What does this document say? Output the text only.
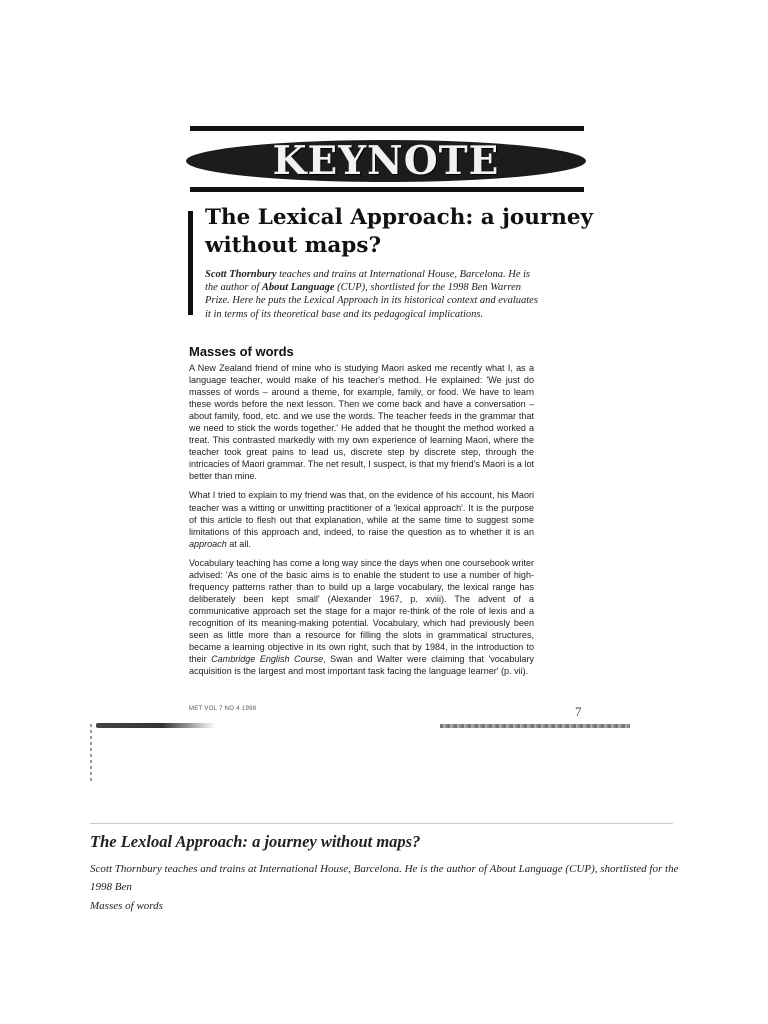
KEYNOTE
The Lexical Approach: a journey without maps?

Scott Thornbury teaches and trains at International House, Barcelona. He is the author of About Language (CUP), shortlisted for the 1998 Ben Warren Prize. Here he puts the Lexical Approach in its historical context and evaluates it in terms of its theoretical base and its pedagogical implications.

Masses of words

A New Zealand friend of mine who is studying Maori asked me recently what I, as a language teacher, would make of his teacher's method. He explained: 'We just do masses of words – around a theme, for example, family, or food. We have to learn these words before the next lesson. Then we come back and have a conversation – about family, food, etc. and we use the words. The teacher feeds in the grammar that we need to stick the words together.' He added that he thought the method worked a treat. This contrasted markedly with my own experience of learning Maori, where the teacher took great pains to lead us, discrete step by discrete step, through the intricacies of Maori grammar. The net result, I suspect, is that my friend's Maori is a lot better than mine.

What I tried to explain to my friend was that, on the evidence of his account, his Maori teacher was a witting or unwitting practitioner of a 'lexical approach'. It is the purpose of this article to flesh out that explanation, while at the same time to suggest some limitations of this approach and, indeed, to raise the question as to whether it is an approach at all.

Vocabulary teaching has come a long way since the days when one coursebook writer advised: 'As one of the basic aims is to enable the student to use a number of high-frequency patterns rather than to build up a large vocabulary, the lexical range has deliberately been kept small' (Alexander 1967, p. xviii). The advent of a communicative approach set the stage for a major re-think of the role of lexis and a recognition of its meaning-making potential. Vocabulary, which had previously been seen as little more than a resource for filling the slots in grammatical structures, became a learning objective in its own right, such that by 1984, in the introduction to their Cambridge English Course, Swan and Walter were claiming that 'vocabulary acquisition is the largest and most important task facing the language learner' (p. vii).

MET VOL 7 NO 4 1998	7
The Lexloal Approach: a journey without maps?

Scott Thornbury teaches and trains at International House, Barcelona. He is the author of About Language (CUP), shortlisted for the 1998 Ben

Masses of words
